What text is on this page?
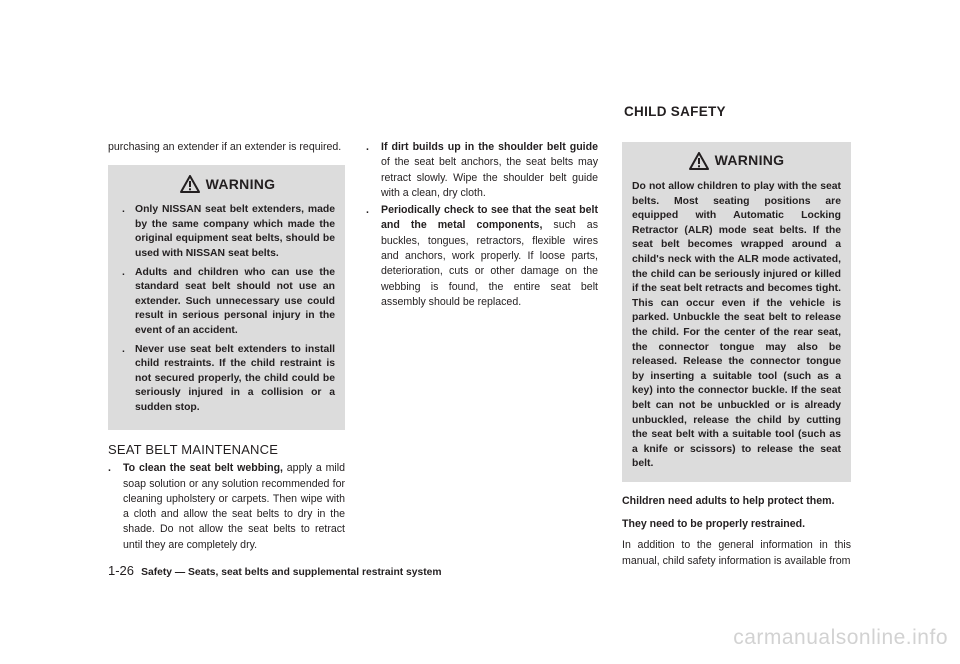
purchasing an extender if an extender is required.

WARNING
. Only NISSAN seat belt extenders, made by the same company which made the original equipment seat belts, should be used with NISSAN seat belts.
. Adults and children who can use the standard seat belt should not use an extender. Such unnecessary use could result in serious personal injury in the event of an accident.
. Never use seat belt extenders to install child restraints. If the child restraint is not secured properly, the child could be seriously injured in a collision or a sudden stop.
SEAT BELT MAINTENANCE
. To clean the seat belt webbing, apply a mild soap solution or any solution recommended for cleaning upholstery or carpets. Then wipe with a cloth and allow the seat belts to dry in the shade. Do not allow the seat belts to retract until they are completely dry.
. If dirt builds up in the shoulder belt guide of the seat belt anchors, the seat belts may retract slowly. Wipe the shoulder belt guide with a clean, dry cloth.
. Periodically check to see that the seat belt and the metal components, such as buckles, tongues, retractors, flexible wires and anchors, work properly. If loose parts, deterioration, cuts or other damage on the webbing is found, the entire seat belt assembly should be replaced.
CHILD SAFETY
WARNING

Do not allow children to play with the seat belts. Most seating positions are equipped with Automatic Locking Retractor (ALR) mode seat belts. If the seat belt becomes wrapped around a child's neck with the ALR mode activated, the child can be seriously injured or killed if the seat belt retracts and becomes tight. This can occur even if the vehicle is parked. Unbuckle the seat belt to release the child. For the center of the rear seat, the connector tongue may also be released. Release the connector tongue by inserting a suitable tool (such as a key) into the connector buckle. If the seat belt can not be unbuckled or is already unbuckled, release the child by cutting the seat belt with a suitable tool (such as a knife or scissors) to release the seat belt.

Children need adults to help protect them.

They need to be properly restrained.

In addition to the general information in this manual, child safety information is available from

1-26 Safety — Seats, seat belts and supplemental restraint system
carmanualsonline.info
